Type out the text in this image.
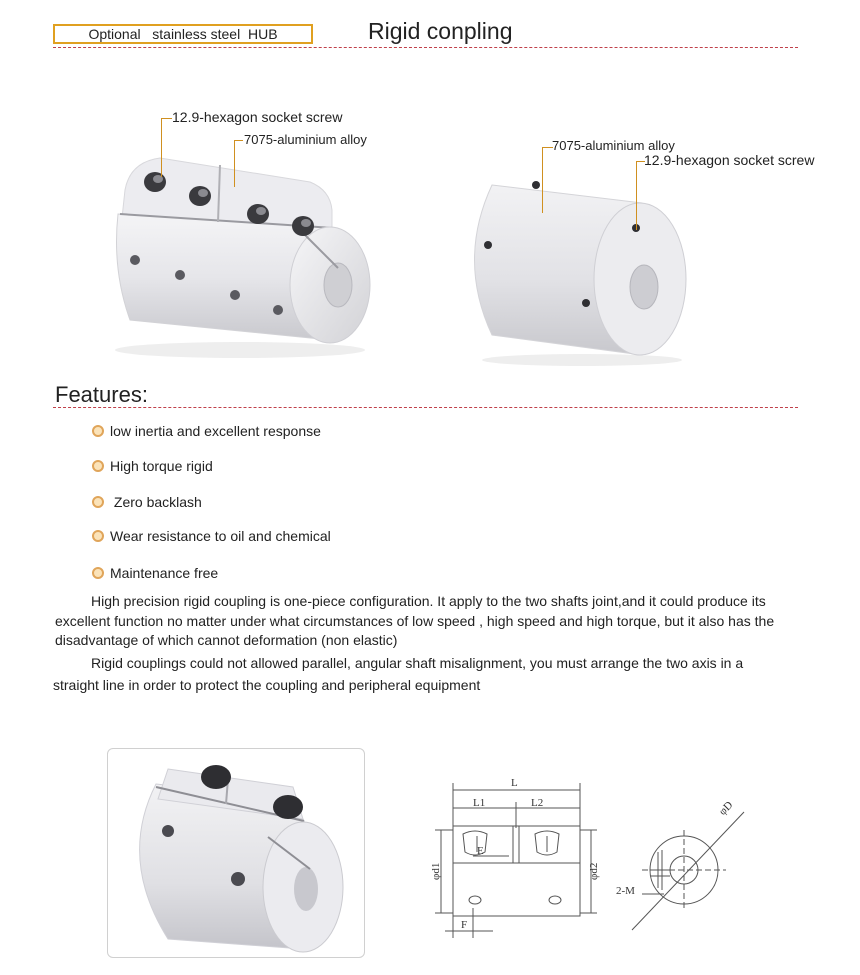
Optional   stainless steel  HUB	Rigid conpling
12.9-hexagon socket screw
7075-aluminium alloy	7075-aluminium alloy
12.9-hexagon socket screw
Features:
low inertia and excellent response
High torque rigid
Zero backlash
Wear resistance to oil and chemical
Maintenance free
High precision rigid coupling is one-piece configuration. It apply to the two shafts joint,and it could produce its
excellent function no matter under what circumstances of low speed , high speed and high torque, but it also has the
disadvantage of which cannot deformation (non elastic)
Rigid couplings could not allowed parallel, angular shaft misalignment, you must arrange the two axis in a
straight line in order to protect the coupling and peripheral equipment
L
L1	L2
E
F
φd1	φd2
φD
2-M
